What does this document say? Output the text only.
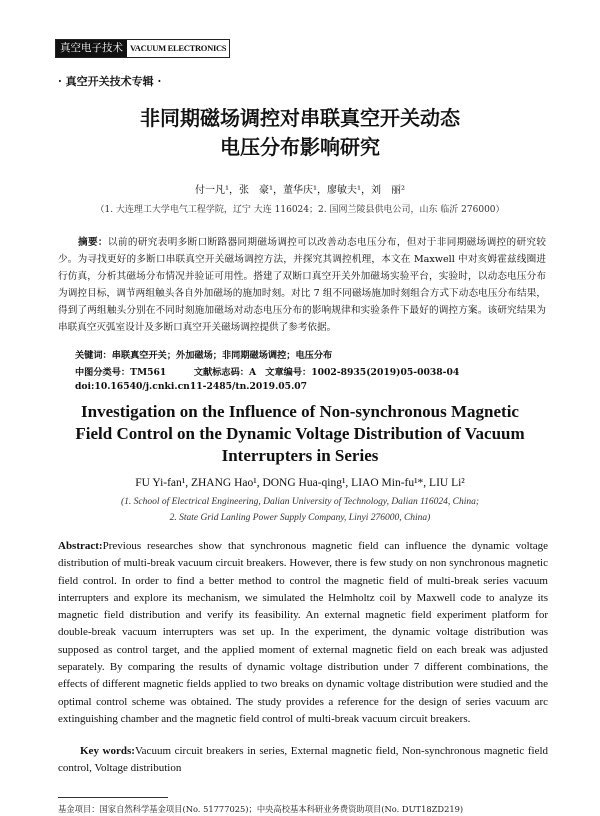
真空电子技术 VACUUM ELECTRONICS
· 真空开关技术专辑 ·
非同期磁场调控对串联真空开关动态
电压分布影响研究
付一凡¹，张　豪¹，董华庆¹，廖敏夫¹，刘　丽²
（1. 大连理工大学电气工程学院，辽宁 大连 116024；2. 国网兰陵县供电公司，山东 临沂 276000）
摘要：以前的研究表明多断口断路器同期磁场调控可以改善动态电压分布，但对于非同期磁场调控的研究较少。为寻找更好的多断口串联真空开关磁场调控方法，并探究其调控机理，本文在 Maxwell 中对亥姆霍兹线圈进行仿真，分析其磁场分布情况并验证可用性。搭建了双断口真空开关外加磁场实验平台，实验时，以动态电压分布为调控目标，调节两组触头各自外加磁场的施加时刻。对比 7 组不同磁场施加时刻组合方式下动态电压分布结果，得到了两组触头分别在不同时刻施加磁场对动态电压分布的影响规律和实验条件下最好的调控方案。该研究结果为串联真空灭弧室设计及多断口真空开关磁场调控提供了参考依据。
关键词：串联真空开关；外加磁场；非同期磁场调控；电压分布
中图分类号：TM561　　　文献标志码：A　文章编号：1002-8935(2019)05-0038-04
doi:10.16540/j.cnki.cn11-2485/tn.2019.05.07
Investigation on the Influence of Non-synchronous Magnetic
Field Control on the Dynamic Voltage Distribution of Vacuum
Interrupters in Series
FU Yi-fan¹, ZHANG Hao¹, DONG Hua-qing¹, LIAO Min-fu¹*, LIU Li²
(1. School of Electrical Engineering, Dalian University of Technology, Dalian 116024, China;
2. State Grid Lanling Power Supply Company, Linyi 276000, China)
Abstract:Previous researches show that synchronous magnetic field can influence the dynamic voltage distribution of multi-break vacuum circuit breakers. However, there is few study on non synchronous magnetic field control. In order to find a better method to control the magnetic field of multi-break series vacuum interrupters and explore its mechanism, we simulated the Helmholtz coil by Maxwell code to analyze its magnetic field distribution and verify its feasibility. An external magnetic field experiment platform for double-break vacuum interrupters was set up. In the experiment, the dynamic voltage distribution was supposed as control target, and the applied moment of external magnetic field on each break was adjusted separately. By comparing the results of dynamic voltage distribution under 7 different combinations, the effects of different magnetic fields applied to two breaks on dynamic voltage distribution were studied and the optimal control scheme was obtained. The study provides a reference for the design of series vacuum arc extinguishing chamber and the magnetic field control of multi-break vacuum circuit breakers.
Key words:Vacuum circuit breakers in series, External magnetic field, Non-synchronous magnetic field control, Voltage distribution
基金项目：国家自然科学基金项目(No. 51777025)；中央高校基本科研业务费资助项目(No. DUT18ZD219)
